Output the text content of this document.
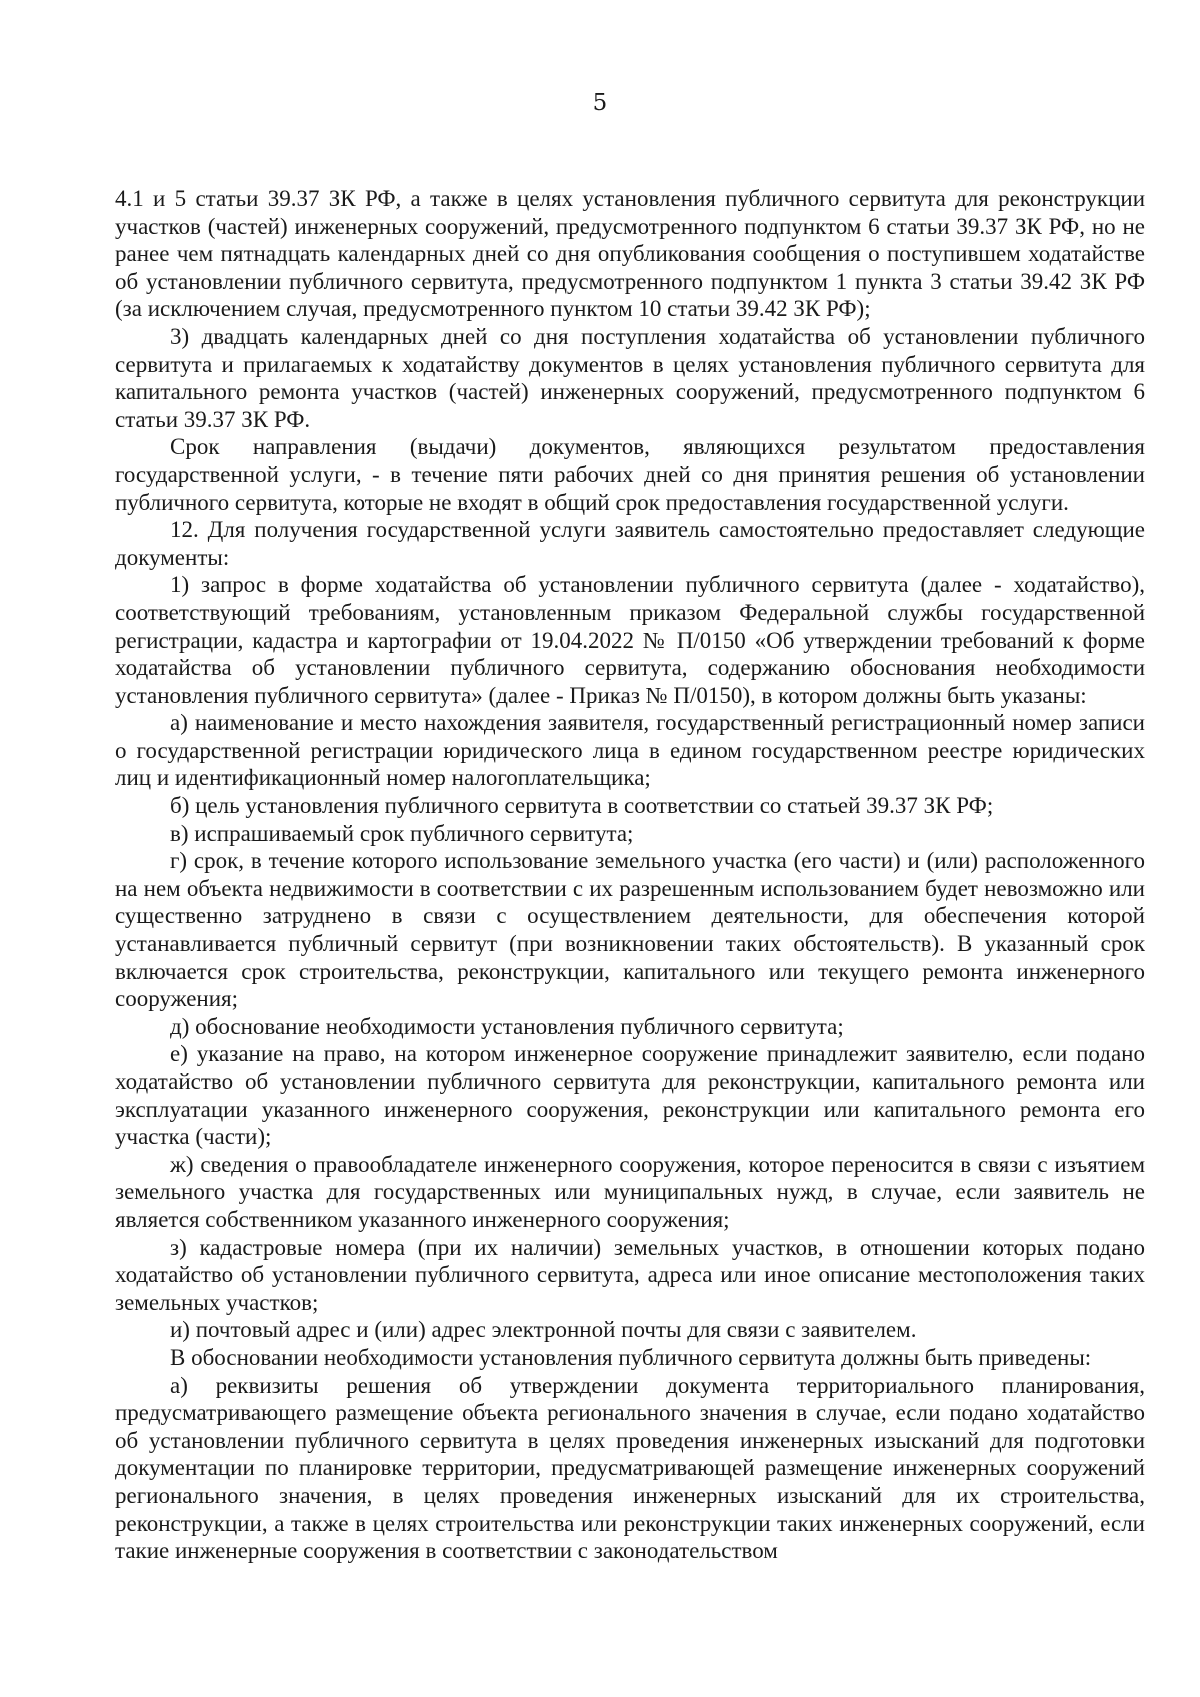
5

4.1 и 5 статьи 39.37 ЗК РФ, а также в целях установления публичного сервитута для реконструкции участков (частей) инженерных сооружений, предусмотренного подпунктом 6 статьи 39.37 ЗК РФ, но не ранее чем пятнадцать календарных дней со дня опубликования сообщения о поступившем ходатайстве об установлении публичного сервитута, предусмотренного подпунктом 1 пункта 3 статьи 39.42 ЗК РФ (за исключением случая, предусмотренного пунктом 10 статьи 39.42 ЗК РФ);

3) двадцать календарных дней со дня поступления ходатайства об установлении публичного сервитута и прилагаемых к ходатайству документов в целях установления публичного сервитута для капитального ремонта участков (частей) инженерных сооружений, предусмотренного подпунктом 6 статьи 39.37 ЗК РФ.

Срок направления (выдачи) документов, являющихся результатом предоставления государственной услуги, - в течение пяти рабочих дней со дня принятия решения об установлении публичного сервитута, которые не входят в общий срок предоставления государственной услуги.

12. Для получения государственной услуги заявитель самостоятельно предоставляет следующие документы:

1) запрос в форме ходатайства об установлении публичного сервитута (далее - ходатайство), соответствующий требованиям, установленным приказом Федеральной службы государственной регистрации, кадастра и картографии от 19.04.2022 № П/0150 «Об утверждении требований к форме ходатайства об установлении публичного сервитута, содержанию обоснования необходимости установления публичного сервитута» (далее - Приказ № П/0150), в котором должны быть указаны:

а) наименование и место нахождения заявителя, государственный регистрационный номер записи о государственной регистрации юридического лица в едином государственном реестре юридических лиц и идентификационный номер налогоплательщика;

б) цель установления публичного сервитута в соответствии со статьей 39.37 ЗК РФ;

в) испрашиваемый срок публичного сервитута;

г) срок, в течение которого использование земельного участка (его части) и (или) расположенного на нем объекта недвижимости в соответствии с их разрешенным использованием будет невозможно или существенно затруднено в связи с осуществлением деятельности, для обеспечения которой устанавливается публичный сервитут (при возникновении таких обстоятельств). В указанный срок включается срок строительства, реконструкции, капитального или текущего ремонта инженерного сооружения;

д) обоснование необходимости установления публичного сервитута;

е) указание на право, на котором инженерное сооружение принадлежит заявителю, если подано ходатайство об установлении публичного сервитута для реконструкции, капитального ремонта или эксплуатации указанного инженерного сооружения, реконструкции или капитального ремонта его участка (части);

ж) сведения о правообладателе инженерного сооружения, которое переносится в связи с изъятием земельного участка для государственных или муниципальных нужд, в случае, если заявитель не является собственником указанного инженерного сооружения;

з) кадастровые номера (при их наличии) земельных участков, в отношении которых подано ходатайство об установлении публичного сервитута, адреса или иное описание местоположения таких земельных участков;

и) почтовый адрес и (или) адрес электронной почты для связи с заявителем.

В обосновании необходимости установления публичного сервитута должны быть приведены:

а) реквизиты решения об утверждении документа территориального планирования, предусматривающего размещение объекта регионального значения в случае, если подано ходатайство об установлении публичного сервитута в целях проведения инженерных изысканий для подготовки документации по планировке территории, предусматривающей размещение инженерных сооружений регионального значения, в целях проведения инженерных изысканий для их строительства, реконструкции, а также в целях строительства или реконструкции таких инженерных сооружений, если такие инженерные сооружения в соответствии с законодательством
